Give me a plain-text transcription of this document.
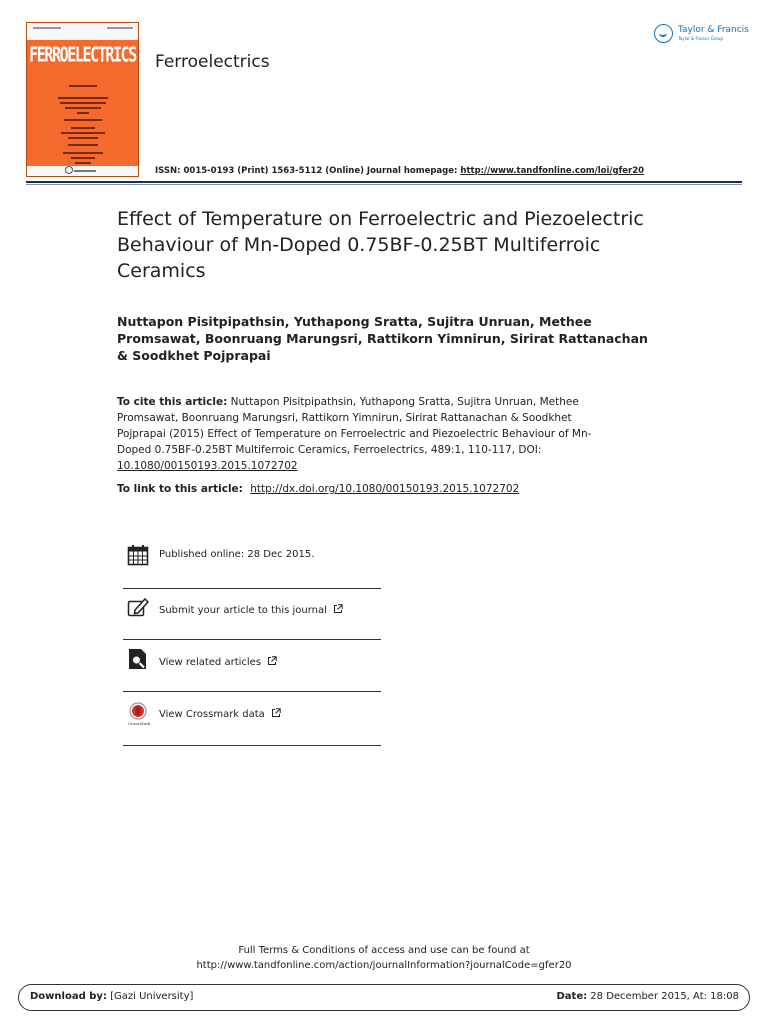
FERROELECTRICS Ferroelectrics
Taylor & Francis
Taylor & Francis Group
ISSN: 0015-0193 (Print) 1563-5112 (Online) Journal homepage: http://www.tandfonline.com/loi/gfer20
Effect of Temperature on Ferroelectric and Piezoelectric Behaviour of Mn-Doped 0.75BF-0.25BT Multiferroic Ceramics

Nuttapon Pisitpipathsin, Yuthapong Sratta, Sujitra Unruan, Methee Promsawat, Boonruang Marungsri, Rattikorn Yimnirun, Sirirat Rattanachan & Soodkhet Pojprapai

To cite this article: Nuttapon Pisitpipathsin, Yuthapong Sratta, Sujitra Unruan, Methee Promsawat, Boonruang Marungsri, Rattikorn Yimnirun, Sirirat Rattanachan & Soodkhet Pojprapai (2015) Effect of Temperature on Ferroelectric and Piezoelectric Behaviour of Mn-Doped 0.75BF-0.25BT Multiferroic Ceramics, Ferroelectrics, 489:1, 110-117, DOI: 10.1080/00150193.2015.1072702

To link to this article: http://dx.doi.org/10.1080/00150193.2015.1072702

Published online: 28 Dec 2015.
Submit your article to this journal
View related articles
CrossMark
View Crossmark data
Full Terms & Conditions of access and use can be found at
http://www.tandfonline.com/action/journalInformation?journalCode=gfer20
Download by: [Gazi University]	Date: 28 December 2015, At: 18:08
